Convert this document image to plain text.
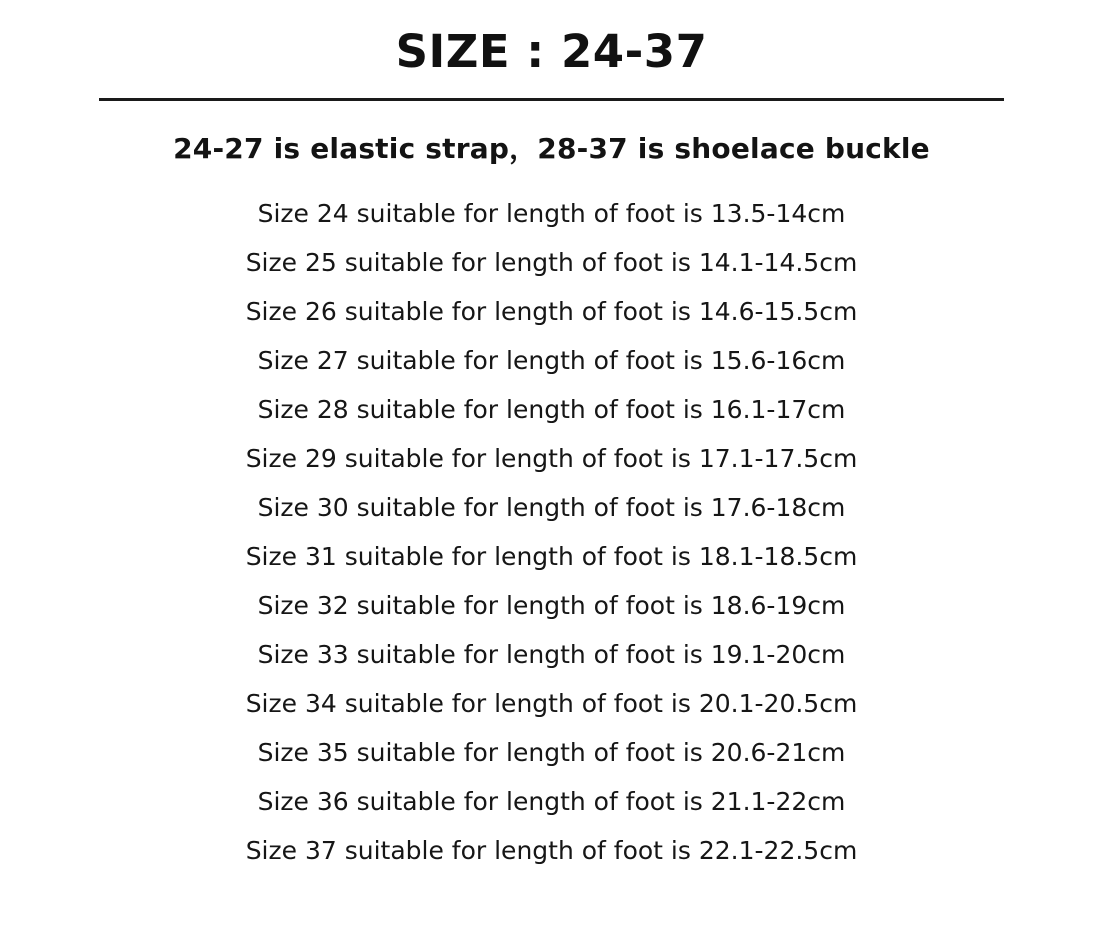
SIZE : 24-37
24-27 is elastic strap，28-37 is shoelace buckle
Size 24 suitable for length of foot is 13.5-14cm
Size 25 suitable for length of foot is 14.1-14.5cm
Size 26 suitable for length of foot is 14.6-15.5cm
Size 27 suitable for length of foot is 15.6-16cm
Size 28 suitable for length of foot is 16.1-17cm
Size 29 suitable for length of foot is 17.1-17.5cm
Size 30 suitable for length of foot is 17.6-18cm
Size 31 suitable for length of foot is 18.1-18.5cm
Size 32 suitable for length of foot is 18.6-19cm
Size 33 suitable for length of foot is 19.1-20cm
Size 34 suitable for length of foot is 20.1-20.5cm
Size 35 suitable for length of foot is 20.6-21cm
Size 36 suitable for length of foot is 21.1-22cm
Size 37 suitable for length of foot is 22.1-22.5cm
